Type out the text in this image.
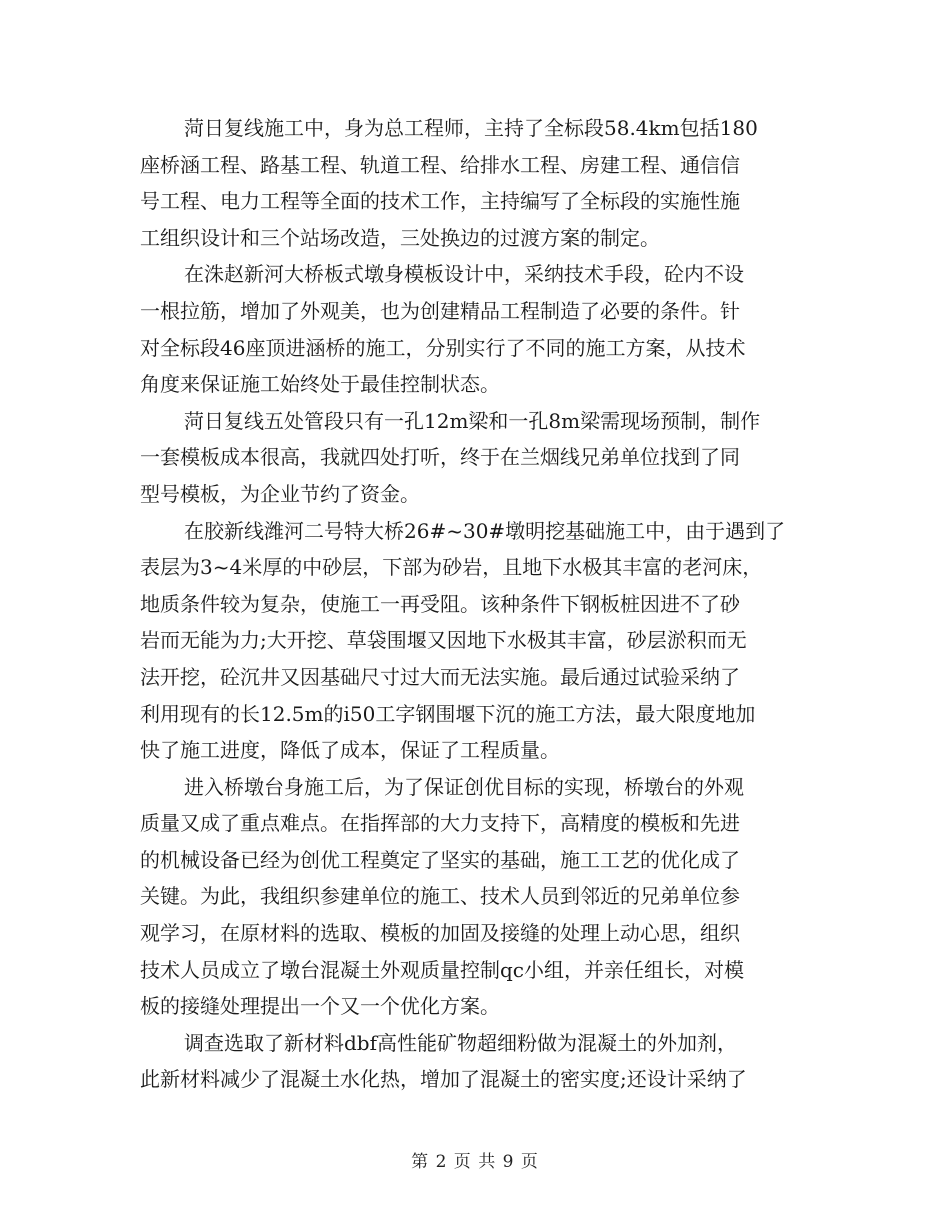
菏日复线施工中，身为总工程师，主持了全标段58.4km包括180
座桥涵工程、路基工程、轨道工程、给排水工程、房建工程、通信信
号工程、电力工程等全面的技术工作，主持编写了全标段的实施性施
工组织设计和三个站场改造，三处换边的过渡方案的制定。
在洙赵新河大桥板式墩身模板设计中，采纳技术手段，砼内不设
一根拉筋，增加了外观美，也为创建精品工程制造了必要的条件。针
对全标段46座顶进涵桥的施工，分别实行了不同的施工方案，从技术
角度来保证施工始终处于最佳控制状态。
菏日复线五处管段只有一孔12m梁和一孔8m梁需现场预制，制作
一套模板成本很高，我就四处打听，终于在兰烟线兄弟单位找到了同
型号模板，为企业节约了资金。
在胶新线潍河二号特大桥26#~30#墩明挖基础施工中，由于遇到了
表层为3~4米厚的中砂层，下部为砂岩，且地下水极其丰富的老河床，
地质条件较为复杂，使施工一再受阻。该种条件下钢板桩因进不了砂
岩而无能为力;大开挖、草袋围堰又因地下水极其丰富，砂层淤积而无
法开挖，砼沉井又因基础尺寸过大而无法实施。最后通过试验采纳了
利用现有的长12.5m的i50工字钢围堰下沉的施工方法，最大限度地加
快了施工进度，降低了成本，保证了工程质量。
进入桥墩台身施工后，为了保证创优目标的实现，桥墩台的外观
质量又成了重点难点。在指挥部的大力支持下，高精度的模板和先进
的机械设备已经为创优工程奠定了坚实的基础，施工工艺的优化成了
关键。为此，我组织参建单位的施工、技术人员到邻近的兄弟单位参
观学习，在原材料的选取、模板的加固及接缝的处理上动心思，组织
技术人员成立了墩台混凝土外观质量控制qc小组，并亲任组长，对模
板的接缝处理提出一个又一个优化方案。
调查选取了新材料dbf高性能矿物超细粉做为混凝土的外加剂，
此新材料减少了混凝土水化热，增加了混凝土的密实度;还设计采纳了
第 2 页 共 9 页
